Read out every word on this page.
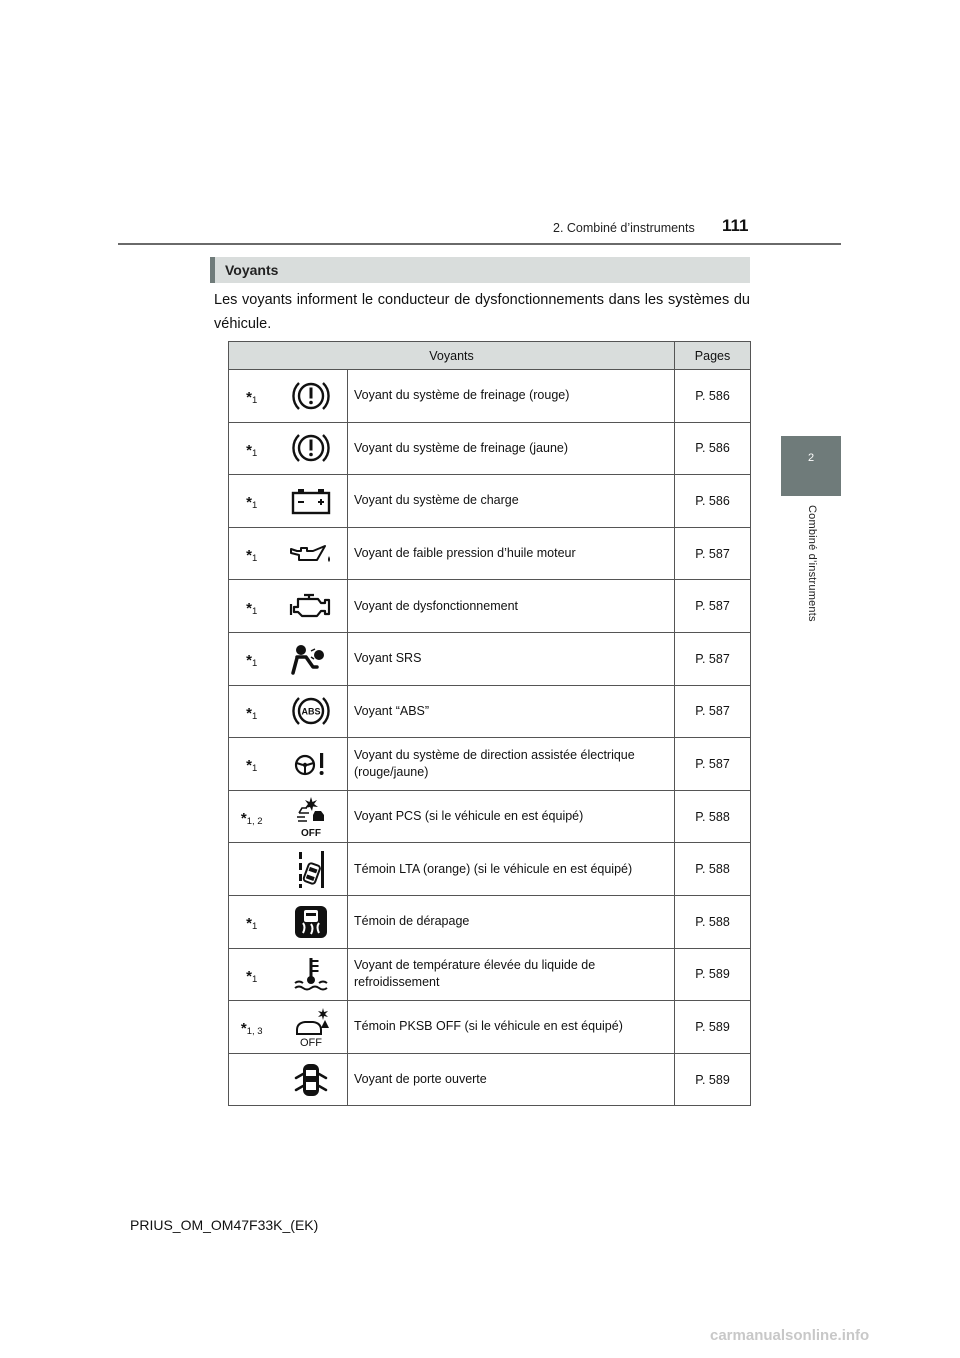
2. Combiné d’instruments 111
2
Combiné d’instruments
Voyants
Les voyants informent le conducteur de dysfonctionnements dans les systèmes du véhicule.
Voyants			Pages
$*_1$		Voyant du système de freinage (rouge)	P. 586
$*_1$		Voyant du système de freinage (jaune)	P. 586
$*_1$		Voyant du système de charge	P. 586
$*_1$		Voyant de faible pression d’huile moteur	P. 587
$*_1$		Voyant de dysfonctionnement	P. 587
$*_1$		Voyant SRS	P. 587
$*_1$	ABS	Voyant “ABS”	P. 587
$*_1$		Voyant du système de direction assistée électrique (rouge/jaune)	P. 587
$*_{1, 2}$	OFF	Voyant PCS (si le véhicule en est équipé)	P. 588

	Témoin LTA (orange) (si le véhicule en est équipé)	P. 588
$*_1$		Témoin de dérapage	P. 588
$*_1$		Voyant de température élevée du liquide de refroidissement	P. 589
$*_{1, 3}$	OFF	Témoin PKSB OFF (si le véhicule en est équipé)	P. 589

	Voyant de porte ouverte	P. 589
PRIUS_OM_OM47F33K_(EK)
carmanualsonline.info
